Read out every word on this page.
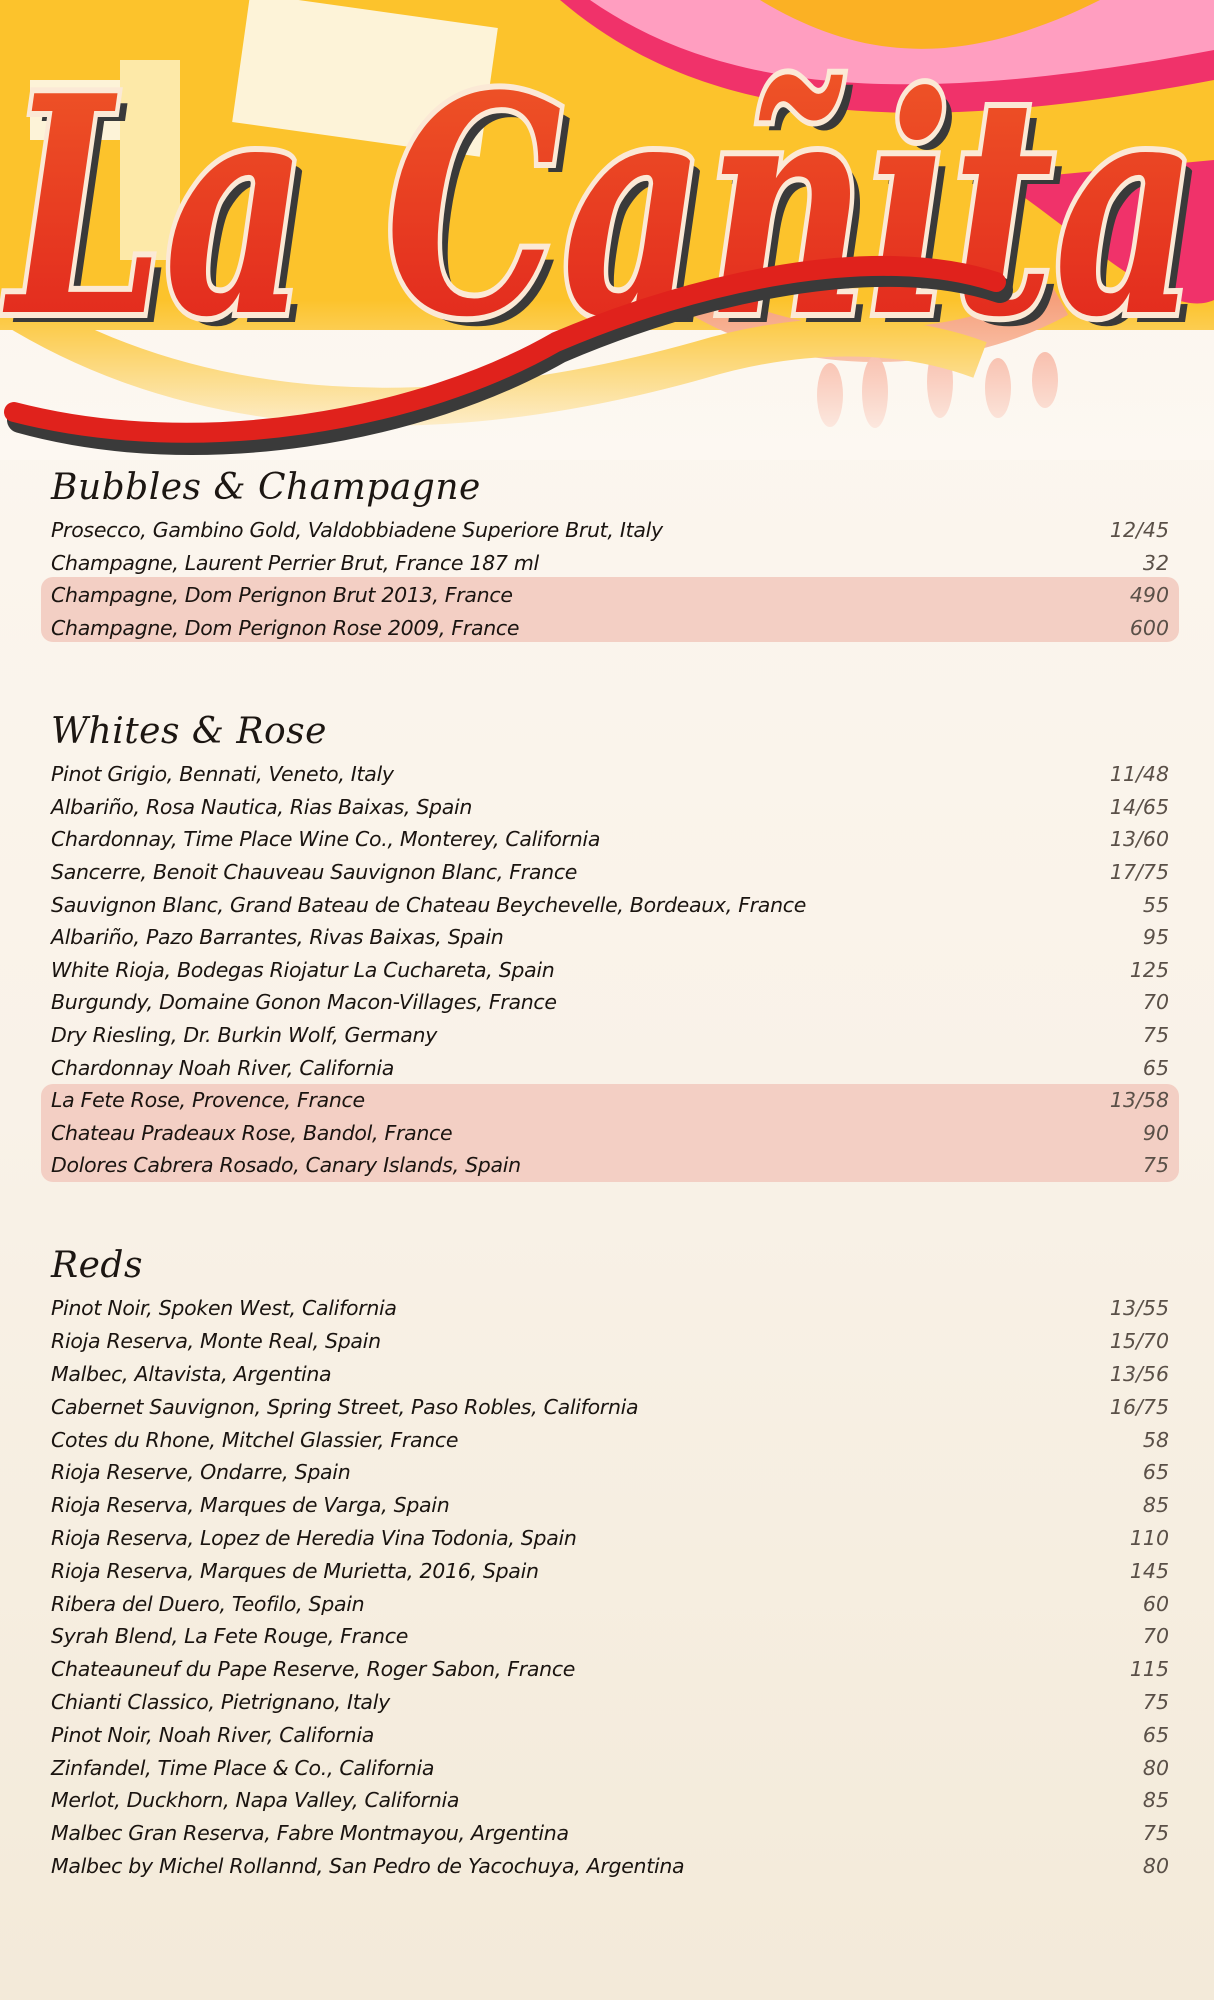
La Cañita
La Cañita
Bubbles & Champagne
Prosecco, Gambino Gold, Valdobbiadene Superiore Brut, Italy	12/45
Champagne, Laurent Perrier Brut, France 187 ml	32
Champagne, Dom Perignon Brut 2013, France	490
Champagne, Dom Perignon Rose 2009, France	600
Whites & Rose
Pinot Grigio, Bennati, Veneto, Italy	11/48
Albariño, Rosa Nautica, Rias Baixas, Spain	14/65
Chardonnay, Time Place Wine Co., Monterey, California	13/60
Sancerre, Benoit Chauveau Sauvignon Blanc, France	17/75
Sauvignon Blanc, Grand Bateau de Chateau Beychevelle, Bordeaux, France	55
Albariño, Pazo Barrantes, Rivas Baixas, Spain	95
White Rioja, Bodegas Riojatur La Cuchareta, Spain	125
Burgundy, Domaine Gonon Macon-Villages, France	70
Dry Riesling, Dr. Burkin Wolf, Germany	75
Chardonnay Noah River, California	65
La Fete Rose, Provence, France	13/58
Chateau Pradeaux Rose, Bandol, France	90
Dolores Cabrera Rosado, Canary Islands, Spain	75
Reds
Pinot Noir, Spoken West, California	13/55
Rioja Reserva, Monte Real, Spain	15/70
Malbec, Altavista, Argentina	13/56
Cabernet Sauvignon, Spring Street, Paso Robles, California	16/75
Cotes du Rhone, Mitchel Glassier, France	58
Rioja Reserve, Ondarre, Spain	65
Rioja Reserva, Marques de Varga, Spain	85
Rioja Reserva, Lopez de Heredia Vina Todonia, Spain	110
Rioja Reserva, Marques de Murietta, 2016, Spain	145
Ribera del Duero, Teofilo, Spain	60
Syrah Blend, La Fete Rouge, France	70
Chateauneuf du Pape Reserve, Roger Sabon, France	115
Chianti Classico, Pietrignano, Italy	75
Pinot Noir, Noah River, California	65
Zinfandel, Time Place & Co., California	80
Merlot, Duckhorn, Napa Valley, California	85
Malbec Gran Reserva, Fabre Montmayou, Argentina	75
Malbec by Michel Rollannd, San Pedro de Yacochuya, Argentina	80
